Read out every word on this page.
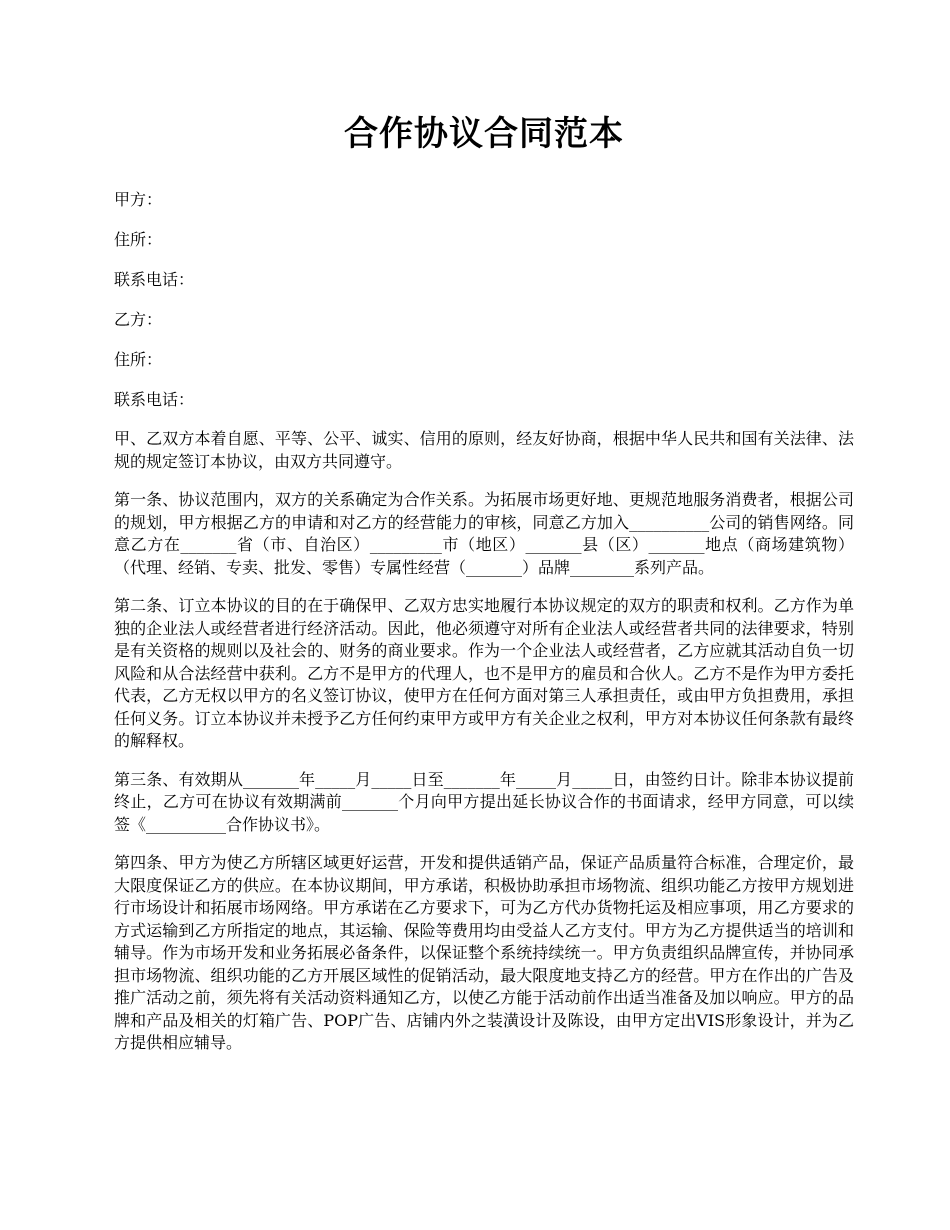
合作协议合同范本

甲方：

住所：

联系电话：

乙方：

住所：

联系电话：

甲、乙双方本着自愿、平等、公平、诚实、信用的原则，经友好协商，根据中华人民共和国有关法律、法规的规定签订本协议，由双方共同遵守。

第一条、协议范围内，双方的关系确定为合作关系。为拓展市场更好地、更规范地服务消费者，根据公司的规划，甲方根据乙方的申请和对乙方的经营能力的审核，同意乙方加入__________公司的销售网络。同意乙方在_______省（市、自治区）_________市（地区）_______县（区）_______地点（商场建筑物）（代理、经销、专卖、批发、零售）专属性经营（_______）品牌________系列产品。

第二条、订立本协议的目的在于确保甲、乙双方忠实地履行本协议规定的双方的职责和权利。乙方作为单独的企业法人或经营者进行经济活动。因此，他必须遵守对所有企业法人或经营者共同的法律要求，特别是有关资格的规则以及社会的、财务的商业要求。作为一个企业法人或经营者，乙方应就其活动自负一切风险和从合法经营中获利。乙方不是甲方的代理人，也不是甲方的雇员和合伙人。乙方不是作为甲方委托代表，乙方无权以甲方的名义签订协议，使甲方在任何方面对第三人承担责任，或由甲方负担费用，承担任何义务。订立本协议并未授予乙方任何约束甲方或甲方有关企业之权利，甲方对本协议任何条款有最终的解释权。

第三条、有效期从_______年_____月_____日至_______年_____月_____日，由签约日计。除非本协议提前终止，乙方可在协议有效期满前_______个月向甲方提出延长协议合作的书面请求，经甲方同意，可以续签《__________合作协议书》。

第四条、甲方为使乙方所辖区域更好运营，开发和提供适销产品，保证产品质量符合标准，合理定价，最大限度保证乙方的供应。在本协议期间，甲方承诺，积极协助承担市场物流、组织功能乙方按甲方规划进行市场设计和拓展市场网络。甲方承诺在乙方要求下，可为乙方代办货物托运及相应事项，用乙方要求的方式运输到乙方所指定的地点，其运输、保险等费用均由受益人乙方支付。甲方为乙方提供适当的培训和辅导。作为市场开发和业务拓展必备条件，以保证整个系统持续统一。甲方负责组织品牌宣传，并协同承担市场物流、组织功能的乙方开展区域性的促销活动，最大限度地支持乙方的经营。甲方在作出的广告及推广活动之前，须先将有关活动资料通知乙方，以使乙方能于活动前作出适当准备及加以响应。甲方的品牌和产品及相关的灯箱广告、POP广告、店铺内外之装潢设计及陈设，由甲方定出VIS形象设计，并为乙方提供相应辅导。
